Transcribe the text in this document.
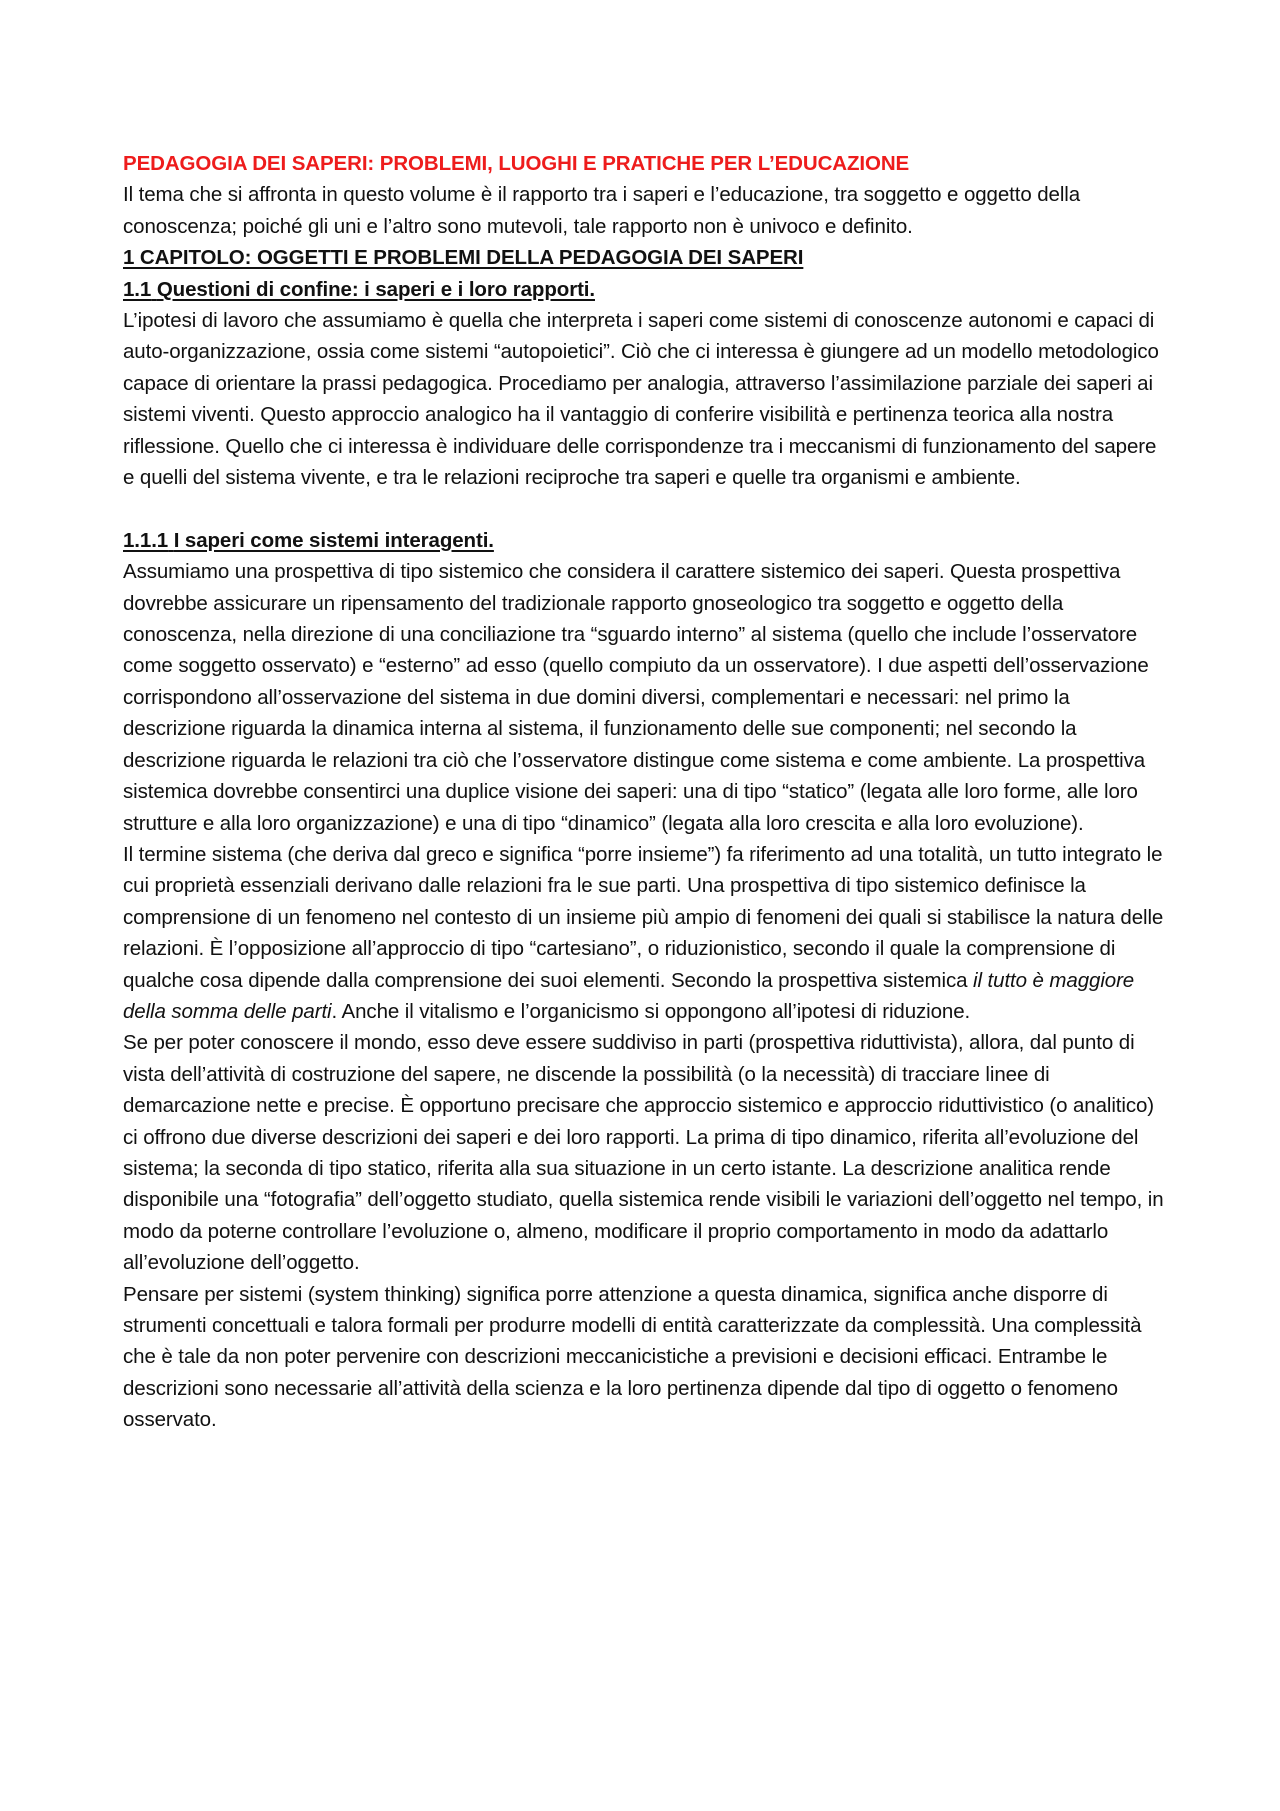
PEDAGOGIA DEI SAPERI: PROBLEMI, LUOGHI E PRATICHE PER L’EDUCAZIONE

Il tema che si affronta in questo volume è il rapporto tra i saperi e l’educazione, tra soggetto e oggetto della conoscenza; poiché gli uni e l’altro sono mutevoli, tale rapporto non è univoco e definito.

1 CAPITOLO: OGGETTI E PROBLEMI DELLA PEDAGOGIA DEI SAPERI

1.1 Questioni di confine: i saperi e i loro rapporti.

L’ipotesi di lavoro che assumiamo è quella che interpreta i saperi come sistemi di conoscenze autonomi e capaci di auto-organizzazione, ossia come sistemi “autopoietici”. Ciò che ci interessa è giungere ad un modello metodologico capace di orientare la prassi pedagogica. Procediamo per analogia, attraverso l’assimilazione parziale dei saperi ai sistemi viventi. Questo approccio analogico ha il vantaggio di conferire visibilità e pertinenza teorica alla nostra riflessione. Quello che ci interessa è individuare delle corrispondenze tra i meccanismi di funzionamento del sapere e quelli del sistema vivente, e tra le relazioni reciproche tra saperi e quelle tra organismi e ambiente.

1.1.1 I saperi come sistemi interagenti.

Assumiamo una prospettiva di tipo sistemico che considera il carattere sistemico dei saperi. Questa prospettiva dovrebbe assicurare un ripensamento del tradizionale rapporto gnoseologico tra soggetto e oggetto della conoscenza, nella direzione di una conciliazione tra “sguardo interno” al sistema (quello che include l’osservatore come soggetto osservato) e “esterno” ad esso (quello compiuto da un osservatore). I due aspetti dell’osservazione corrispondono all’osservazione del sistema in due domini diversi, complementari e necessari: nel primo la descrizione riguarda la dinamica interna al sistema, il funzionamento delle sue componenti; nel secondo la descrizione riguarda le relazioni tra ciò che l’osservatore distingue come sistema e come ambiente. La prospettiva sistemica dovrebbe consentirci una duplice visione dei saperi: una di tipo “statico” (legata alle loro forme, alle loro strutture e alla loro organizzazione) e una di tipo “dinamico” (legata alla loro crescita e alla loro evoluzione).

Il termine sistema (che deriva dal greco e significa “porre insieme”) fa riferimento ad una totalità, un tutto integrato le cui proprietà essenziali derivano dalle relazioni fra le sue parti. Una prospettiva di tipo sistemico definisce la comprensione di un fenomeno nel contesto di un insieme più ampio di fenomeni dei quali si stabilisce la natura delle relazioni. È l’opposizione all’approccio di tipo “cartesiano”, o riduzionistico, secondo il quale la comprensione di qualche cosa dipende dalla comprensione dei suoi elementi. Secondo la prospettiva sistemica il tutto è maggiore della somma delle parti. Anche il vitalismo e l’organicismo si oppongono all’ipotesi di riduzione.

Se per poter conoscere il mondo, esso deve essere suddiviso in parti (prospettiva riduttivista), allora, dal punto di vista dell’attività di costruzione del sapere, ne discende la possibilità (o la necessità) di tracciare linee di demarcazione nette e precise. È opportuno precisare che approccio sistemico e approccio riduttivistico (o analitico) ci offrono due diverse descrizioni dei saperi e dei loro rapporti. La prima di tipo dinamico, riferita all’evoluzione del sistema; la seconda di tipo statico, riferita alla sua situazione in un certo istante. La descrizione analitica rende disponibile una “fotografia” dell’oggetto studiato, quella sistemica rende visibili le variazioni dell’oggetto nel tempo, in modo da poterne controllare l’evoluzione o, almeno, modificare il proprio comportamento in modo da adattarlo all’evoluzione dell’oggetto.

Pensare per sistemi (system thinking) significa porre attenzione a questa dinamica, significa anche disporre di strumenti concettuali e talora formali per produrre modelli di entità caratterizzate da complessità. Una complessità che è tale da non poter pervenire con descrizioni meccanicistiche a previsioni e decisioni efficaci. Entrambe le descrizioni sono necessarie all’attività della scienza e la loro pertinenza dipende dal tipo di oggetto o fenomeno osservato.
